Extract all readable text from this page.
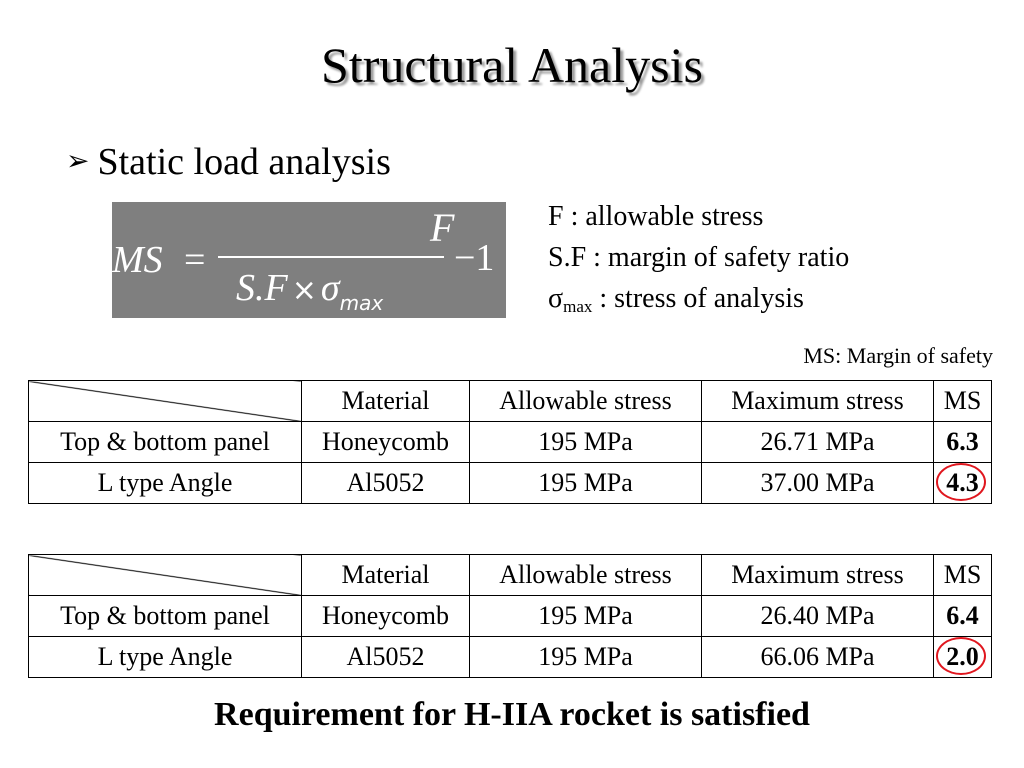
Structural Analysis
➢ Static load analysis
MS =
F
−1
$S.F \times \sigma_{max}$
F : allowable stress
S.F : margin of safety ratio
$\sigma_{max}$ : stress of analysis
MS: Margin of safety
	Material	Allowable stress	Maximum stress	MS
Top & bottom panel	Honeycomb	195 MPa	26.71 MPa	6.3
L type Angle	Al5052	195 MPa	37.00 MPa	4.3
	Material	Allowable stress	Maximum stress	MS
Top & bottom panel	Honeycomb	195 MPa	26.40 MPa	6.4
L type Angle	Al5052	195 MPa	66.06 MPa	2.0
Requirement for H-IIA rocket is satisfied
